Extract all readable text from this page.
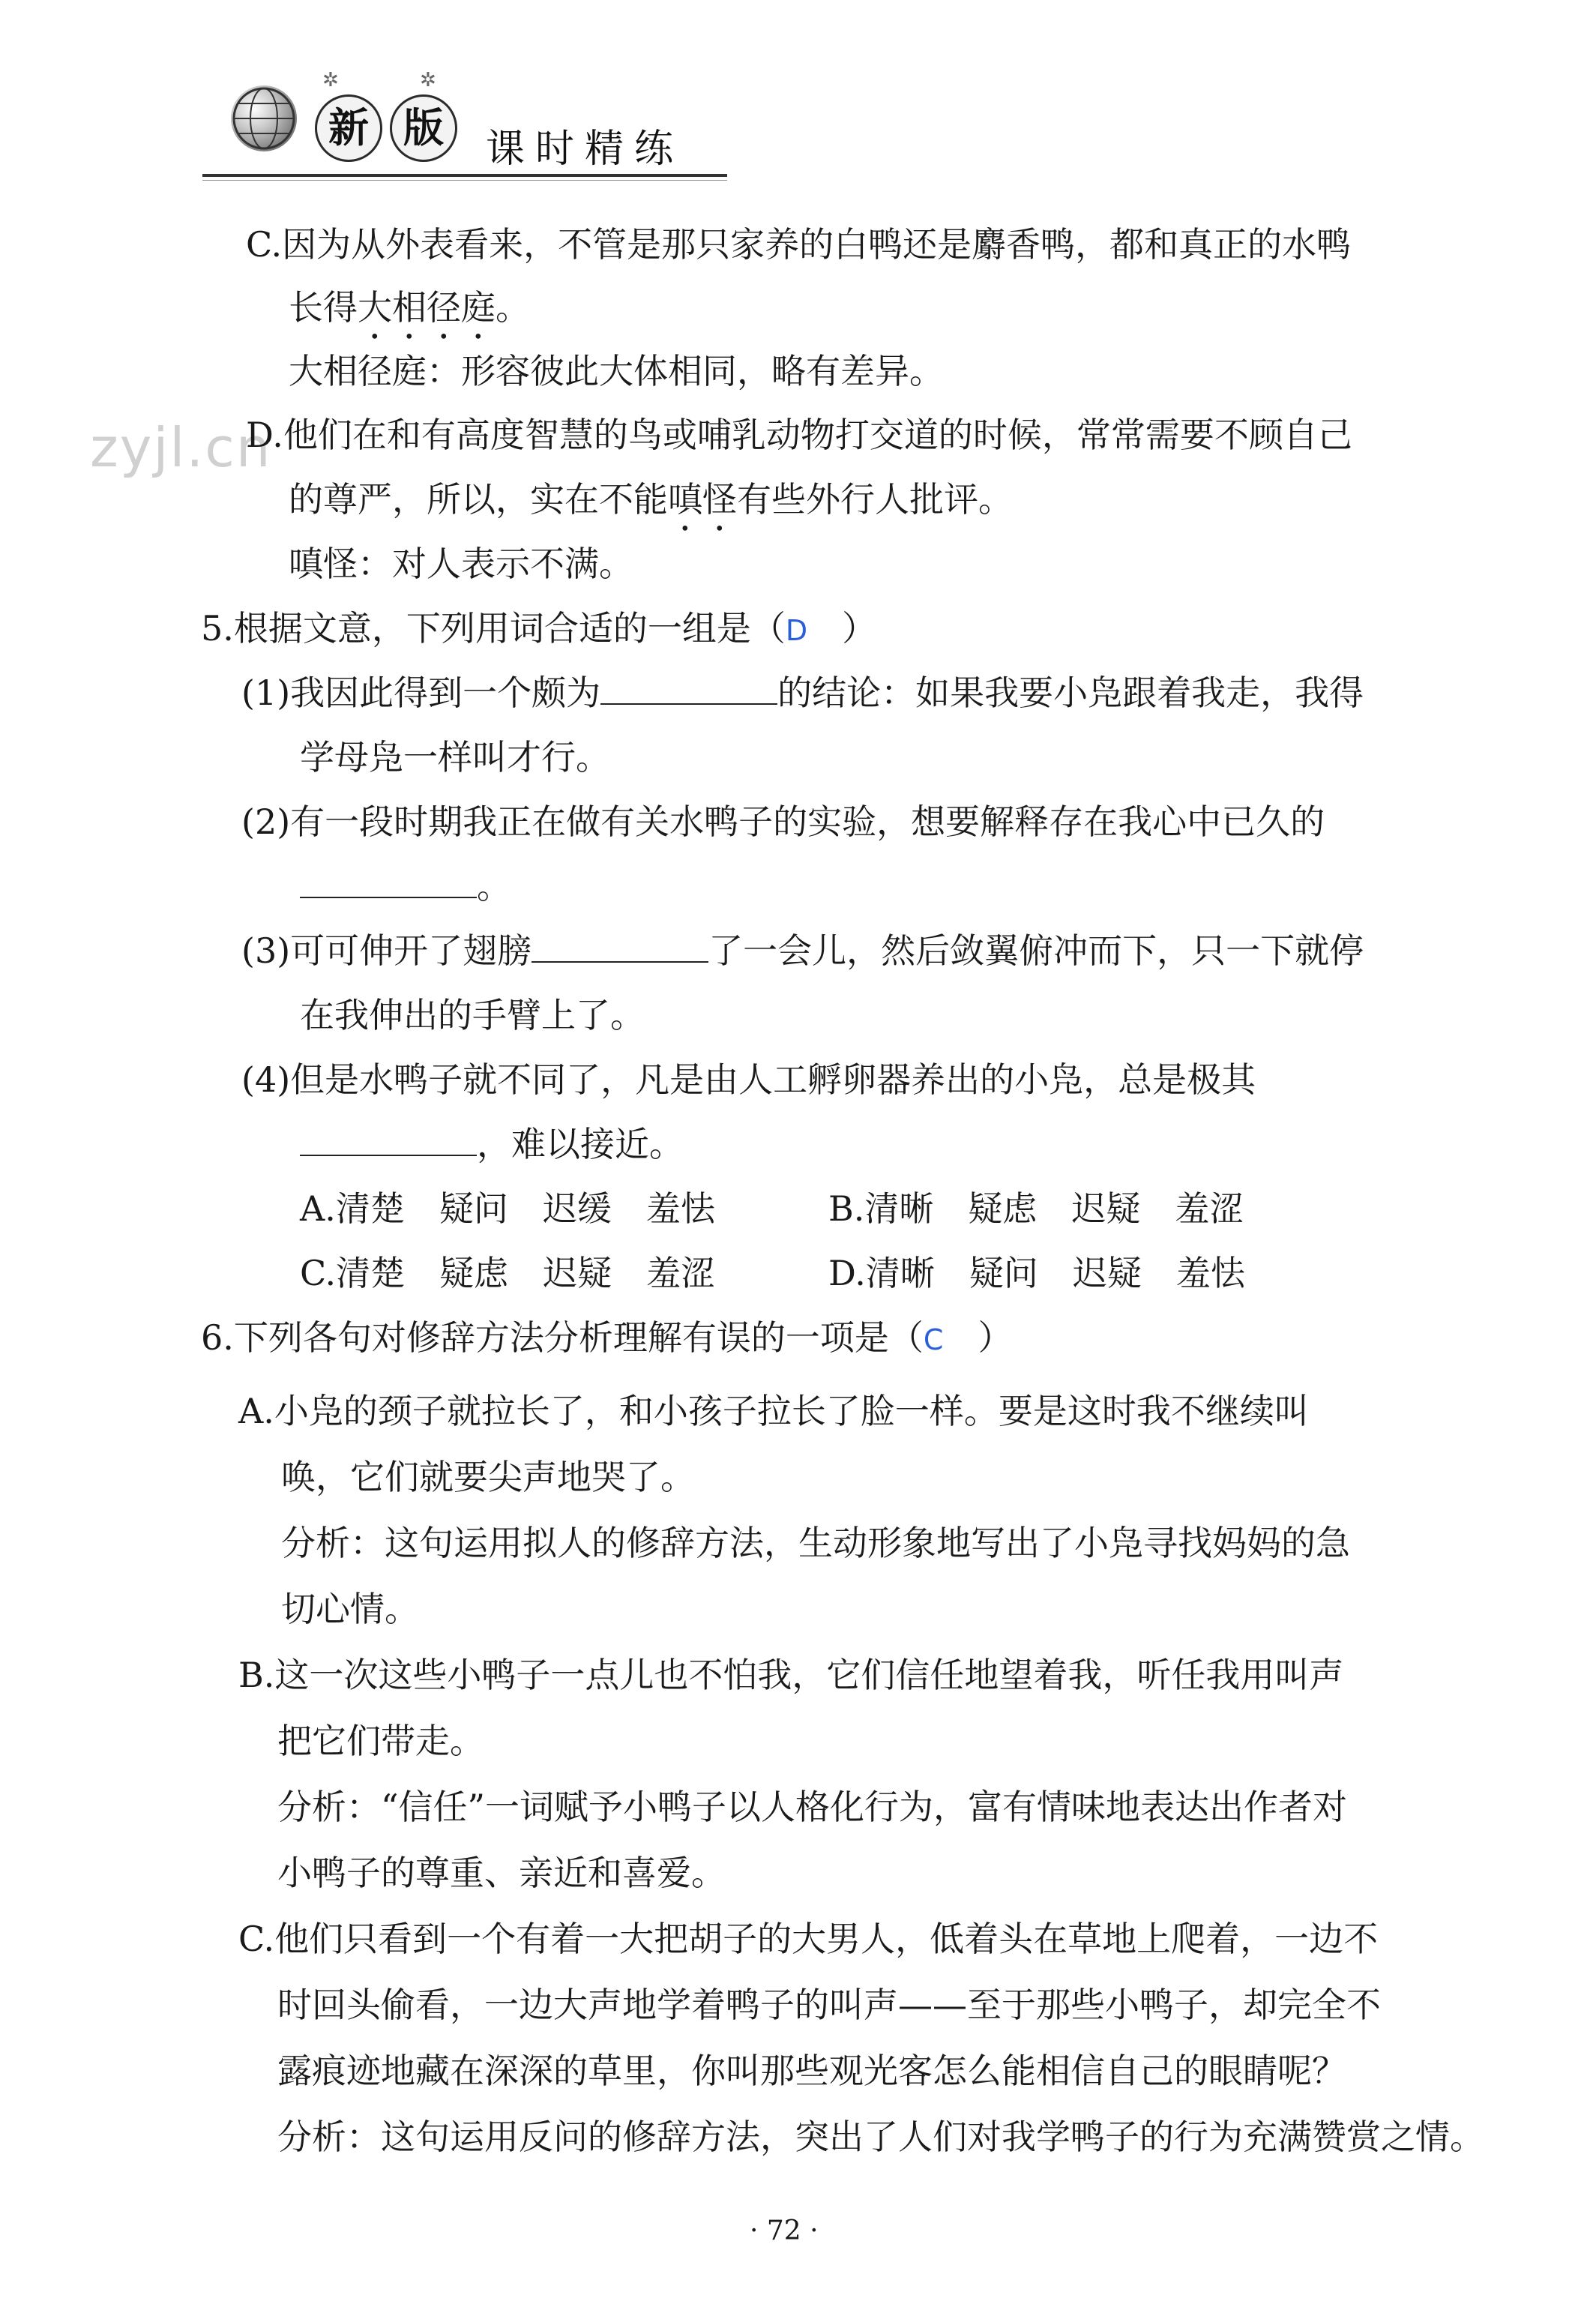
✲	✲
新 版	课时精练
zyjl.cn
C.因为从外表看来，不管是那只家养的白鸭还是麝香鸭，都和真正的水鸭
长得大相径庭。
大相径庭：形容彼此大体相同，略有差异。
D.他们在和有高度智慧的鸟或哺乳动物打交道的时候，常常需要不顾自己
的尊严，所以，实在不能嗔怪有些外行人批评。
嗔怪：对人表示不满。
5.根据文意，下列用词合适的一组是（D　 ）
(1)我因此得到一个颇为	的结论：如果我要小凫跟着我走，我得
学母凫一样叫才行。
(2)有一段时期我正在做有关水鸭子的实验，想要解释存在我心中已久的
。
(3)可可伸开了翅膀	了一会儿，然后敛翼俯冲而下，只一下就停
在我伸出的手臂上了。
(4)但是水鸭子就不同了，凡是由人工孵卵器养出的小凫，总是极其
，难以接近。
A.清楚　疑问　迟缓　羞怯	B.清晰　疑虑　迟疑　羞涩
C.清楚　疑虑　迟疑　羞涩	D.清晰　疑问　迟疑　羞怯
6.下列各句对修辞方法分析理解有误的一项是（C　 ）
A.小凫的颈子就拉长了，和小孩子拉长了脸一样。要是这时我不继续叫
唤，它们就要尖声地哭了。
分析：这句运用拟人的修辞方法，生动形象地写出了小凫寻找妈妈的急
切心情。
B.这一次这些小鸭子一点儿也不怕我，它们信任地望着我，听任我用叫声
把它们带走。
分析：“信任”一词赋予小鸭子以人格化行为，富有情味地表达出作者对
小鸭子的尊重、亲近和喜爱。
C.他们只看到一个有着一大把胡子的大男人，低着头在草地上爬着，一边不
时回头偷看，一边大声地学着鸭子的叫声——至于那些小鸭子，却完全不
露痕迹地藏在深深的草里，你叫那些观光客怎么能相信自己的眼睛呢？
分析：这句运用反问的修辞方法，突出了人们对我学鸭子的行为充满赞赏之情。
· 72 ·
